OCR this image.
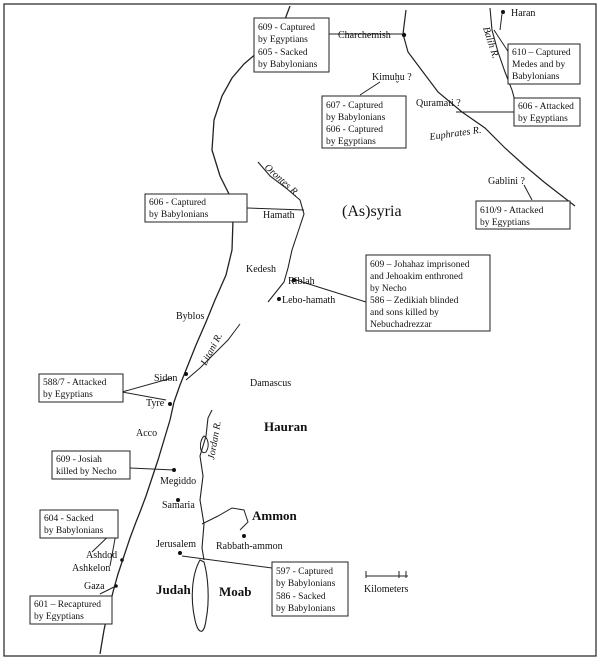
Kilometers
(As)syria
Hauran
Ammon
Judah Moab
Balih R.
Euphrates R.
Orontes R.
Litani R.
Jordan R.
Charchemish
Haran
Kimuḫu ?
Quramati ?
Gablini ?
Hamath
Kedesh
Riblah
Lebo-hamath
Byblos
Sidon
Tyre
Acco
Damascus
Megiddo
Samaria
Jerusalem Rabbath-ammon
Ashdod
Ashkelon
Gaza
609 - Captured
by Egyptians
605 - Sacked
by Babylonians
610 – Captured
Medes and by
Babylonians
607 - Captured
by Babylonians
606 - Captured
by Egyptians
606 - Attacked
by Egyptians
610/9 - Attacked
by Egyptians
606 - Captured
by Babylonians
609 – Johahaz imprisoned
and Jehoakim enthroned
by Necho
586 – Zedikiah blinded
and sons killed by
Nebuchadrezzar
588/7 - Attacked
by Egyptians
609 - Josiah
killed by Necho
604 - Sacked
by Babylonians
597 - Captured
by Babylonians
586 - Sacked
by Babylonians
601 – Recaptured
by Egyptians
